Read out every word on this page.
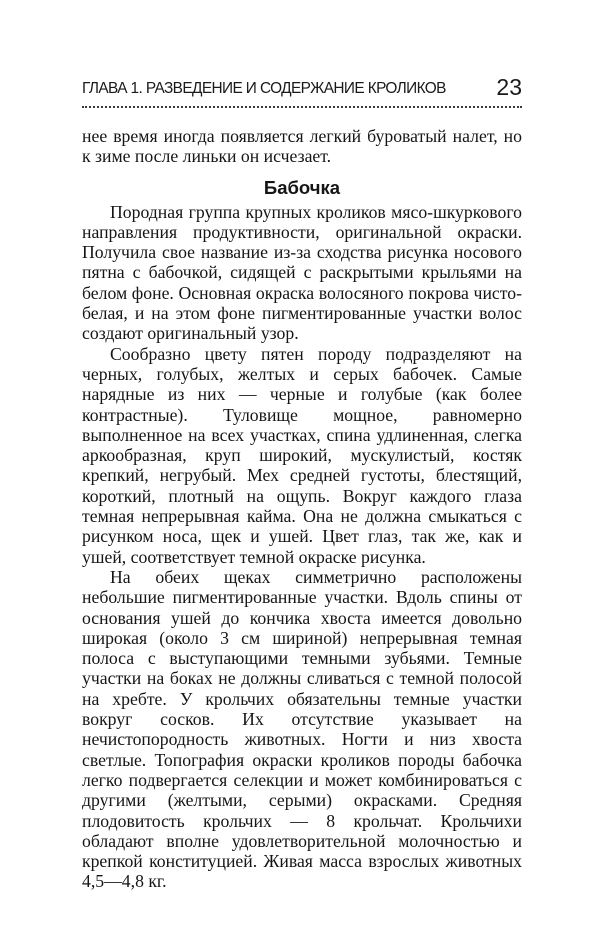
ГЛАВА 1. РАЗВЕДЕНИЕ И СОДЕРЖАНИЕ КРОЛИКОВ 23

нее время иногда появляется легкий буроватый налет, но к зиме после линьки он исчезает.

Бабочка

Породная группа крупных кроликов мясо-шкуркового направления продуктивности, оригинальной окраски. Получила свое название из-за сходства рисунка носового пятна с бабочкой, сидящей с раскрытыми крыльями на белом фоне. Основная окраска волосяного покрова чисто-белая, и на этом фоне пигментированные участки волос создают оригинальный узор.

Сообразно цвету пятен породу подразделяют на черных, голубых, желтых и серых бабочек. Самые нарядные из них — черные и голубые (как более контрастные). Туловище мощное, равномерно выполненное на всех участках, спина удлиненная, слегка аркообразная, круп широкий, мускулистый, костяк крепкий, негрубый. Мех средней густоты, блестящий, короткий, плотный на ощупь. Вокруг каждого глаза темная непрерывная кайма. Она не должна смыкаться с рисунком носа, щек и ушей. Цвет глаз, так же, как и ушей, соответствует темной окраске рисунка.

На обеих щеках симметрично расположены небольшие пигментированные участки. Вдоль спины от основания ушей до кончика хвоста имеется довольно широкая (около 3 см шириной) непрерывная темная полоса с выступающими темными зубьями. Темные участки на боках не должны сливаться с темной полосой на хребте. У крольчих обязательны темные участки вокруг сосков. Их отсутствие указывает на нечистопородность животных. Ногти и низ хвоста светлые. Топография окраски кроликов породы бабочка легко подвергается селекции и может комбинироваться с другими (желтыми, серыми) окрасками. Средняя плодовитость крольчих — 8 крольчат. Крольчихи обладают вполне удовлетворительной молочностью и крепкой конституцией. Живая масса взрослых животных 4,5—4,8 кг.
